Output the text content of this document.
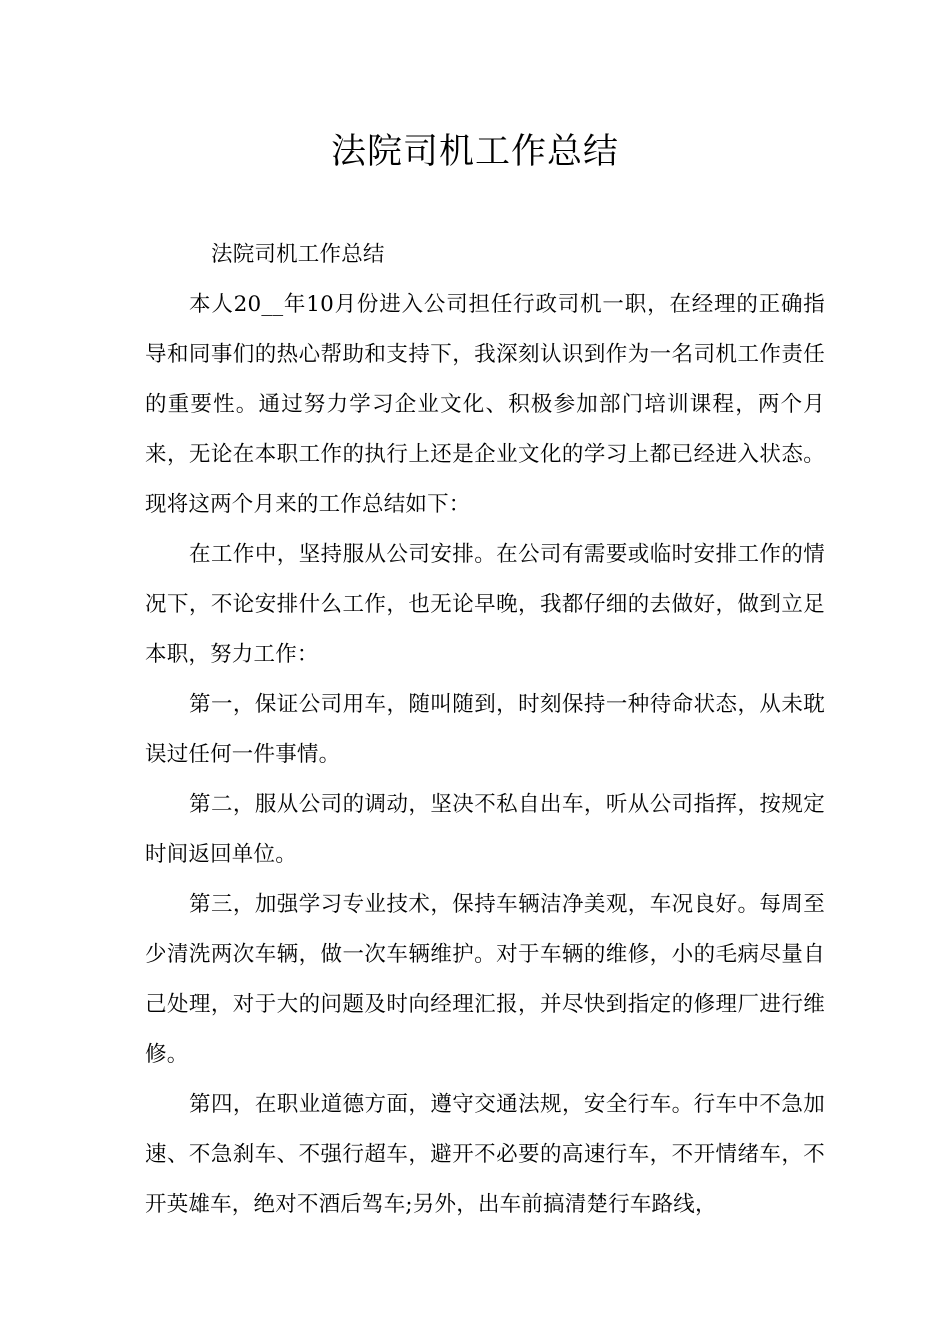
法院司机工作总结

法院司机工作总结

本人20__年10月份进入公司担任行政司机一职，在经理的正确指导和同事们的热心帮助和支持下，我深刻认识到作为一名司机工作责任的重要性。通过努力学习企业文化、积极参加部门培训课程，两个月来，无论在本职工作的执行上还是企业文化的学习上都已经进入状态。现将这两个月来的工作总结如下：

在工作中，坚持服从公司安排。在公司有需要或临时安排工作的情况下，不论安排什么工作，也无论早晚，我都仔细的去做好，做到立足本职，努力工作：

第一，保证公司用车，随叫随到，时刻保持一种待命状态，从未耽误过任何一件事情。

第二，服从公司的调动，坚决不私自出车，听从公司指挥，按规定时间返回单位。

第三，加强学习专业技术，保持车辆洁净美观，车况良好。每周至少清洗两次车辆，做一次车辆维护。对于车辆的维修，小的毛病尽量自己处理，对于大的问题及时向经理汇报，并尽快到指定的修理厂进行维修。

第四，在职业道德方面，遵守交通法规，安全行车。行车中不急加速、不急刹车、不强行超车，避开不必要的高速行车，不开情绪车，不开英雄车，绝对不酒后驾车;另外，出车前搞清楚行车路线，
